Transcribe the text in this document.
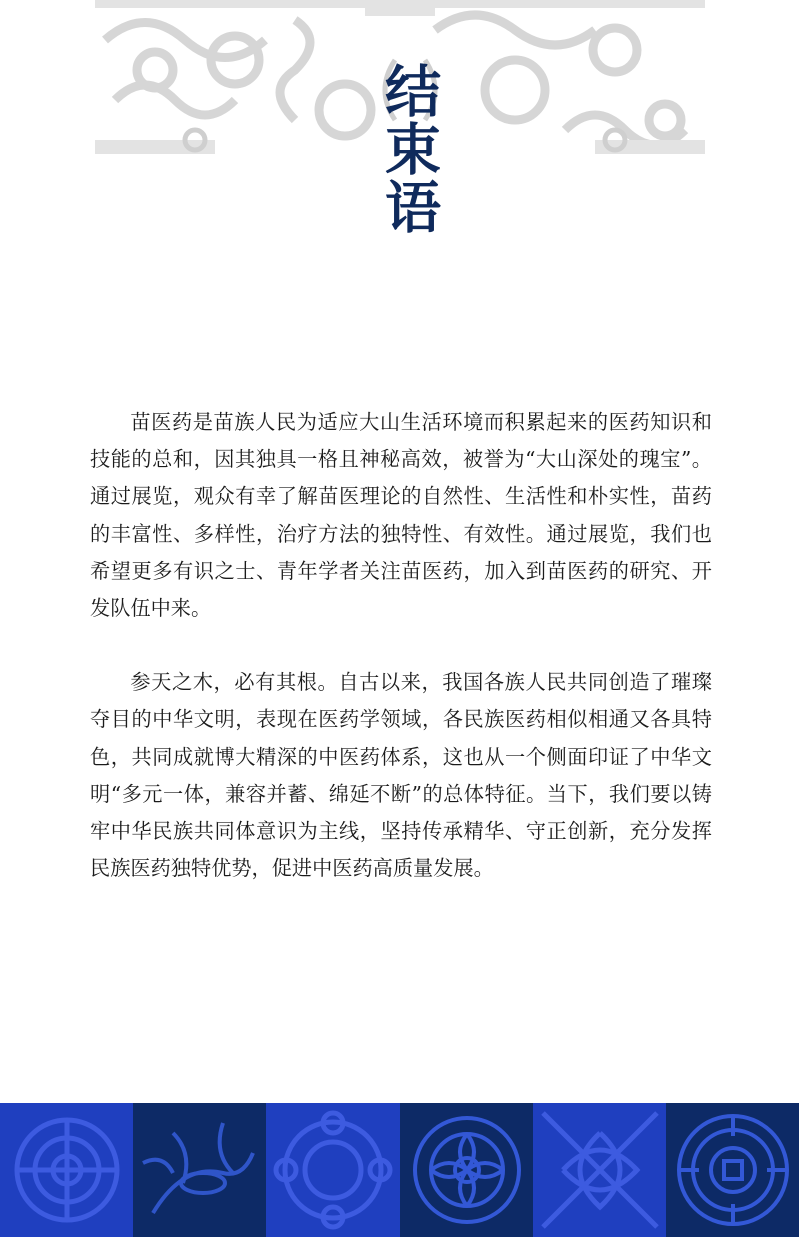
结束语

苗医药是苗族人民为适应大山生活环境而积累起来的医药知识和技能的总和，因其独具一格且神秘高效，被誉为“大山深处的瑰宝”。通过展览，观众有幸了解苗医理论的自然性、生活性和朴实性，苗药的丰富性、多样性，治疗方法的独特性、有效性。通过展览，我们也希望更多有识之士、青年学者关注苗医药，加入到苗医药的研究、开发队伍中来。

参天之木，必有其根。自古以来，我国各族人民共同创造了璀璨夺目的中华文明，表现在医药学领域，各民族医药相似相通又各具特色，共同成就博大精深的中医药体系，这也从一个侧面印证了中华文明“多元一体，兼容并蓄、绵延不断”的总体特征。当下，我们要以铸牢中华民族共同体意识为主线，坚持传承精华、守正创新，充分发挥民族医药独特优势，促进中医药高质量发展。
